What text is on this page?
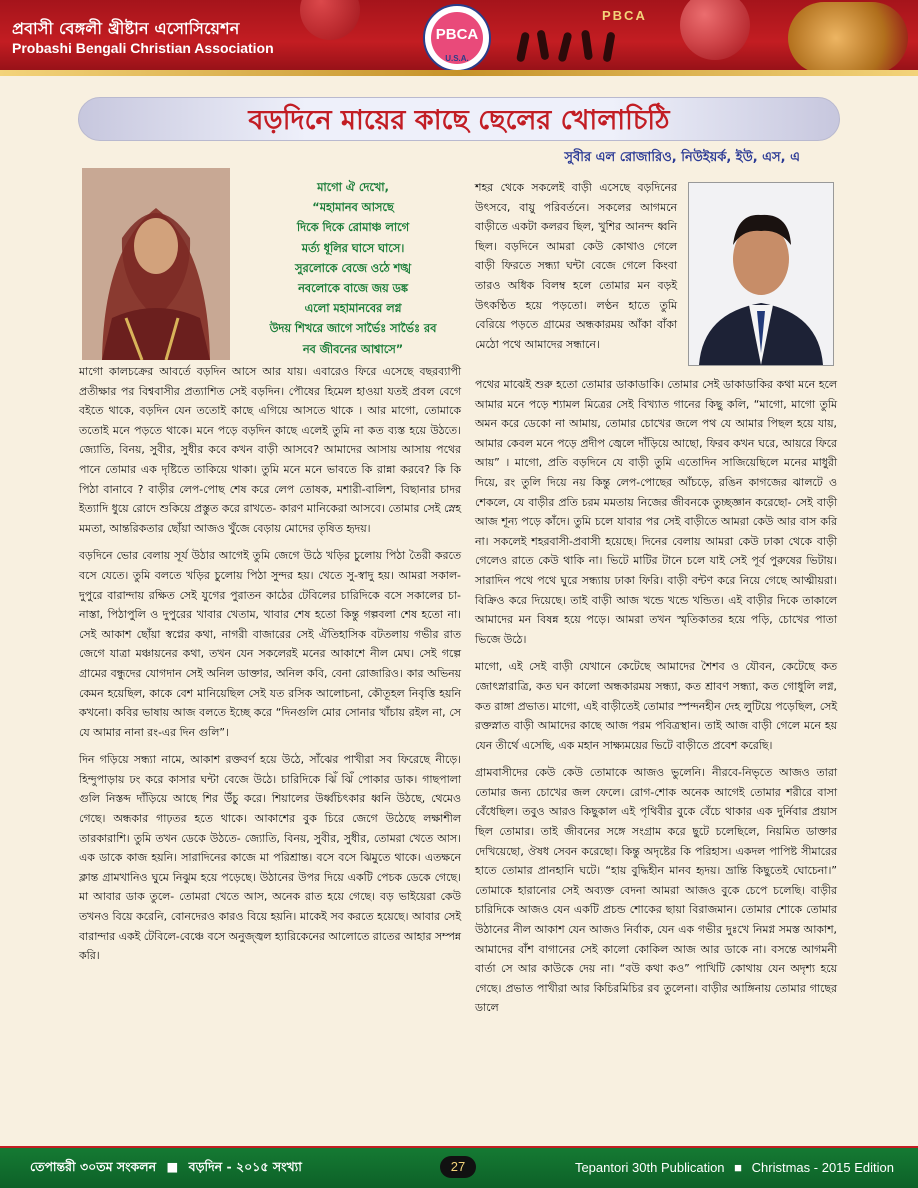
PBCA
প্রবাসী বেঙ্গলী খ্রীষ্টান এসোসিয়েশন
Probashi Bengali Christian Association
PBCA
U.S.A.
বড়দিনে মায়ের কাছে ছেলের খোলাচিঠি
সুবীর এল রোজারিও, নিউইয়র্ক, ইউ, এস, এ
মাগো ঐ দেখো,
“মহামানব আসছে
দিকে দিকে রোমাঞ্চ লাগে
মর্ত্য ধূলির ঘাসে ঘাসে।
সুরলোকে বেজে ওঠে শঙ্খ
নবলোকে বাজে জয় ডঙ্ক
এলো মহামানবের লগ্ন
উদয় শিখরে জাগে সার্ভৈঃ সার্ভৈঃ রব
নব জীবনের আশ্বাসে”

শহর থেকে সকলেই বাড়ী এসেছে বড়দিনের উৎসবে, বায়ু পরিবর্তনে। সকলের আগমনে বাড়ীতে একটা কলরব ছিল, খুশির আনন্দ ধ্বনি ছিল। বড়দিনে আমরা কেউ কোথাও গেলে বাড়ী ফিরতে সন্ধ্যা ঘন্টা বেজে গেলে কিংবা তারও অধিক বিলম্ব হলে তোমার মন বড়ই উৎকণ্ঠিত হয়ে পড়তো। লণ্ঠন হাতে তুমি বেরিয়ে পড়তে গ্রামের অন্ধকারময় আঁকা বাঁকা মেঠো পথে আমাদের সন্ধানে।

মাগো কালচক্রের আবর্তে বড়দিন আসে আর যায়। এবারেও ফিরে এসেছে বছরব্যাপী প্রতীক্ষার পর বিশ্ববাসীর প্রত্যাশিত সেই বড়দিন। পৌষের হিমেল হাওয়া যতই প্রবল বেগে বইতে থাকে, বড়দিন যেন ততোই কাছে এগিয়ে আসতে থাকে । আর মাগো, তোমাকে ততোই মনে পড়তে থাকে। মনে পড়ে বড়দিন কাছে এলেই তুমি না কত ব্যস্ত হয়ে উঠতে। জ্যোতি, বিনয়, সুবীর, সুধীর কবে কখন বাড়ী আসবে? আমাদের আসায় আসায় পথের পানে তোমার এক দৃষ্টিতে তাকিয়ে থাকা। তুমি মনে মনে ভাবতে কি রান্না করবে? কি কি পিঠা বানাবে ? বাড়ীর লেপ-পোছ শেষ করে লেপ তোষক, মশারী-বালিশ, বিছানার চাদর ইত্যাদি ধুয়ে রোদে শুকিয়ে প্রস্তুত করে রাখতে- কারণ মানিকেরা আসবে। তোমার সেই স্নেহ মমতা, আন্তরিকতার ছোঁয়া আজও খুঁজে বেড়ায় মোদের তৃষিত হৃদয়।

বড়দিনে ভোর বেলায় সূর্য উঠার আগেই তুমি জেগে উঠে খড়ির চুলোয় পিঠা তৈরী করতে বসে যেতে। তুমি বলতে খড়ির চুলোয় পিঠা সুন্দর হয়। খেতে সু-স্বাদু হয়। আমরা সকাল-দুপুরে বারান্দায় রক্ষিত সেই যুগের পুরাতন কাঠের টেবিলের চারিদিকে বসে সকালের চা-নাস্তা, পিঠাপুলি ও দুপুরের খাবার খেতাম, খাবার শেষ হতো কিন্তু গল্পবলা শেষ হতো না। সেই আকাশ ছোঁয়া স্বপ্নের কথা, নাগরী বাজারের সেই ঐতিহাসিক বটতলায় গভীর রাত জেগে যাত্রা মঞ্চায়নের কথা, তখন যেন সকলেরই মনের আকাশে নীল মেঘ। সেই গল্পে গ্রামের বন্ধুদের যোগদান সেই অনিল ডাক্তার, অনিল কবি, বেনা রোজারিও। কার অভিনয় কেমন হয়েছিল, কাকে বেশ মানিয়েছিল সেই যত রসিক আলোচনা, কৌতূহল নিবৃত্তি হয়নি কখনো। কবির ভাষায় আজ বলতে ইচ্ছে করে “দিনগুলি মোর সোনার খাঁচায় রইল না, সে যে আমার নানা রং-এর দিন গুলি”।

দিন গড়িয়ে সন্ধ্যা নামে, আকাশ রক্তবর্ণ হয়ে উঠে, সাঁঝের পাখীরা সব ফিরেছে নীড়ে। হিন্দুপাড়ায় ঢং করে কাসার ঘন্টা বেজে উঠে। চারিদিকে ঝিঁ ঝিঁ পোকার ডাক। গাছপালা গুলি নিস্তব্দ দাঁড়িয়ে আছে শির উঁচু করে। শিয়ালের উর্ধ্বচিৎকার ধ্বনি উঠছে, থেমেও গেছে। অন্ধকার গাঢ়তর হতে থাকে। আকাশের বুক চিরে জেগে উঠেছে লক্ষাশীল তারকারাশি। তুমি তখন ডেকে উঠতে- জ্যোতি, বিনয়, সুবীর, সুধীর, তোমরা খেতে আস। এক ডাকে কাজ হয়নি। সারাদিনের কাজে মা পরিশ্রান্ত। বসে বসে ঝিমুতে থাকে। এতক্ষনে ক্লান্ত গ্রামখানিও ঘুমে নিঝুম হয়ে পড়েছে। উঠানের উপর দিয়ে একটি পেচক ডেকে গেছে। মা আবার ডাক তুলে- তোমরা খেতে আস, অনেক রাত হয়ে গেছে। বড় ভাইয়েরা কেউ তখনও বিয়ে করেনি, বোনদেরও কারও বিয়ে হয়নি। মাকেই সব করতে হয়েছে। আবার সেই বারান্দার একই টেবিলে-বেঞ্চে বসে অনুজ্জ্বল হ্যারিকেনের আলোতে রাতের আহার সম্পন্ন করি।

পথের মাঝেই শুরু হতো তোমার ডাকাডাকি। তোমার সেই ডাকাডাকির কথা মনে হলে আমার মনে পড়ে শ্যামল মিত্রের সেই বিখ্যাত গানের কিছু কলি, “মাগো, মাগো তুমি অমন করে ডেকো না আমায়, তোমার চোখের জলে পথ যে আমার পিছল হয়ে যায়, আমার কেবল মনে পড়ে প্রদীপ জ্বেলে দাঁড়িয়ে আছো, ফিরব কখন ঘরে, আয়রে ফিরে আয়” । মাগো, প্রতি বড়দিনে যে বাড়ী তুমি এতোদিন সাজিয়েছিলে মনের মাধুরী দিয়ে, রং তুলি দিয়ে নয় কিন্তু লেপ-পোছের আঁচড়ে, রঙিন কাগজের ঝালটে ও শেকলে, যে বাড়ীর প্রতি চরম মমতায় নিজের জীবনকে তুচ্ছজ্ঞান করেছো- সেই বাড়ী আজ শূন্য পড়ে কাঁদে। তুমি চলে যাবার পর সেই বাড়ীতে আমরা কেউ আর বাস করি না। সকলেই শহরবাসী-প্রবাসী হয়েছে। দিনের বেলায় আমরা কেউ ঢাকা থেকে বাড়ী গেলেও রাতে কেউ থাকি না। ভিটে মাটির টানে চলে যাই সেই পূর্ব পুরুষের ভিটায়। সারাদিন পথে পথে ঘুরে সন্ধ্যায় ঢাকা ফিরি। বাড়ী বন্টণ করে নিয়ে গেছে আত্মীয়রা। বিক্রিও করে দিয়েছে। তাই বাড়ী আজ খন্ডে খন্ডে খন্ডিত। এই বাড়ীর দিকে তাকালে আমাদের মন বিষন্ন হয়ে পড়ে। আমরা তখন স্মৃতিকাতর হয়ে পড়ি, চোখের পাতা ভিজে উঠে।

মাগো, এই সেই বাড়ী যেখানে কেটেছে আমাদের শৈশব ও যৌবন, কেটেছে কত জোৎস্নারাত্রি, কত ঘন কালো অন্ধকারময় সন্ধ্যা, কত শ্রাবণ সন্ধ্যা, কত গোধুলি লগ্ন, কত রাঙ্গা প্রভাত। মাগো, এই বাড়ীতেই তোমার স্পন্দনহীন দেহ লুটিয়ে পড়েছিল, সেই রক্তস্নাত বাড়ী আমাদের কাছে আজ পরম পবিত্রস্থান। তাই আজ বাড়ী গেলে মনে হয় যেন তীর্থে এসেছি, এক মহান সাক্ষ্যময়ের ভিটে বাড়ীতে প্রবেশ করেছি।

গ্রামবাসীদের কেউ কেউ তোমাকে আজও ভুলেনি। নীরবে-নিভৃতে আজও তারা তোমার জন্য চোখের জল ফেলে। রোগ-শোক অনেক আগেই তোমার শরীরে বাসা বেঁধেছিল। তবুও আরও কিছুকাল এই পৃথিবীর বুকে বেঁচে থাকার এক দুর্নিবার প্রয়াস ছিল তোমার। তাই জীবনের সঙ্গে সংগ্রাম করে ছুটে চলেছিলে, নিয়মিত ডাক্তার দেখিয়েছো, ঔষধ সেবন করেছো। কিন্তু অদৃষ্টের কি পরিহাস। একদল পাপিষ্ট সীমারের হাতে তোমার প্রানহানি ঘটে। “হায় বুদ্ধিহীন মানব হৃদয়। ভ্রান্তি কিছুতেই ঘোচেনা।” তোমাকে হারানোর সেই অব্যক্ত বেদনা আমরা আজও বুকে চেপে চলেছি। বাড়ীর চারিদিকে আজও যেন একটি প্রচন্ড শোকের ছায়া বিরাজমান। তোমার শোকে তোমার উঠানের নীল আকাশ যেন আজও নির্বাক, যেন এক গভীর দুঃখে নিমগ্ন সমস্ত আকাশ, আমাদের বাঁশ বাগানের সেই কালো কোকিল আজ আর ডাকে না। বসন্তে আগমনী বার্তা সে আর কাউকে দেয় না। “বউ কথা কও” পাখিটি কোথায় যেন অদৃশ্য হয়ে গেছে। প্রভাত পাখীরা আর কিচিরমিচির রব তুলেনা। বাড়ীর আঙ্গিনায় তোমার গাছের ডালে

তেপান্তরী ৩০তম সংকলন ■ বড়দিন - ২০১৫ সংখ্যা	27	Tepantori 30th Publication ■ Christmas - 2015 Edition
